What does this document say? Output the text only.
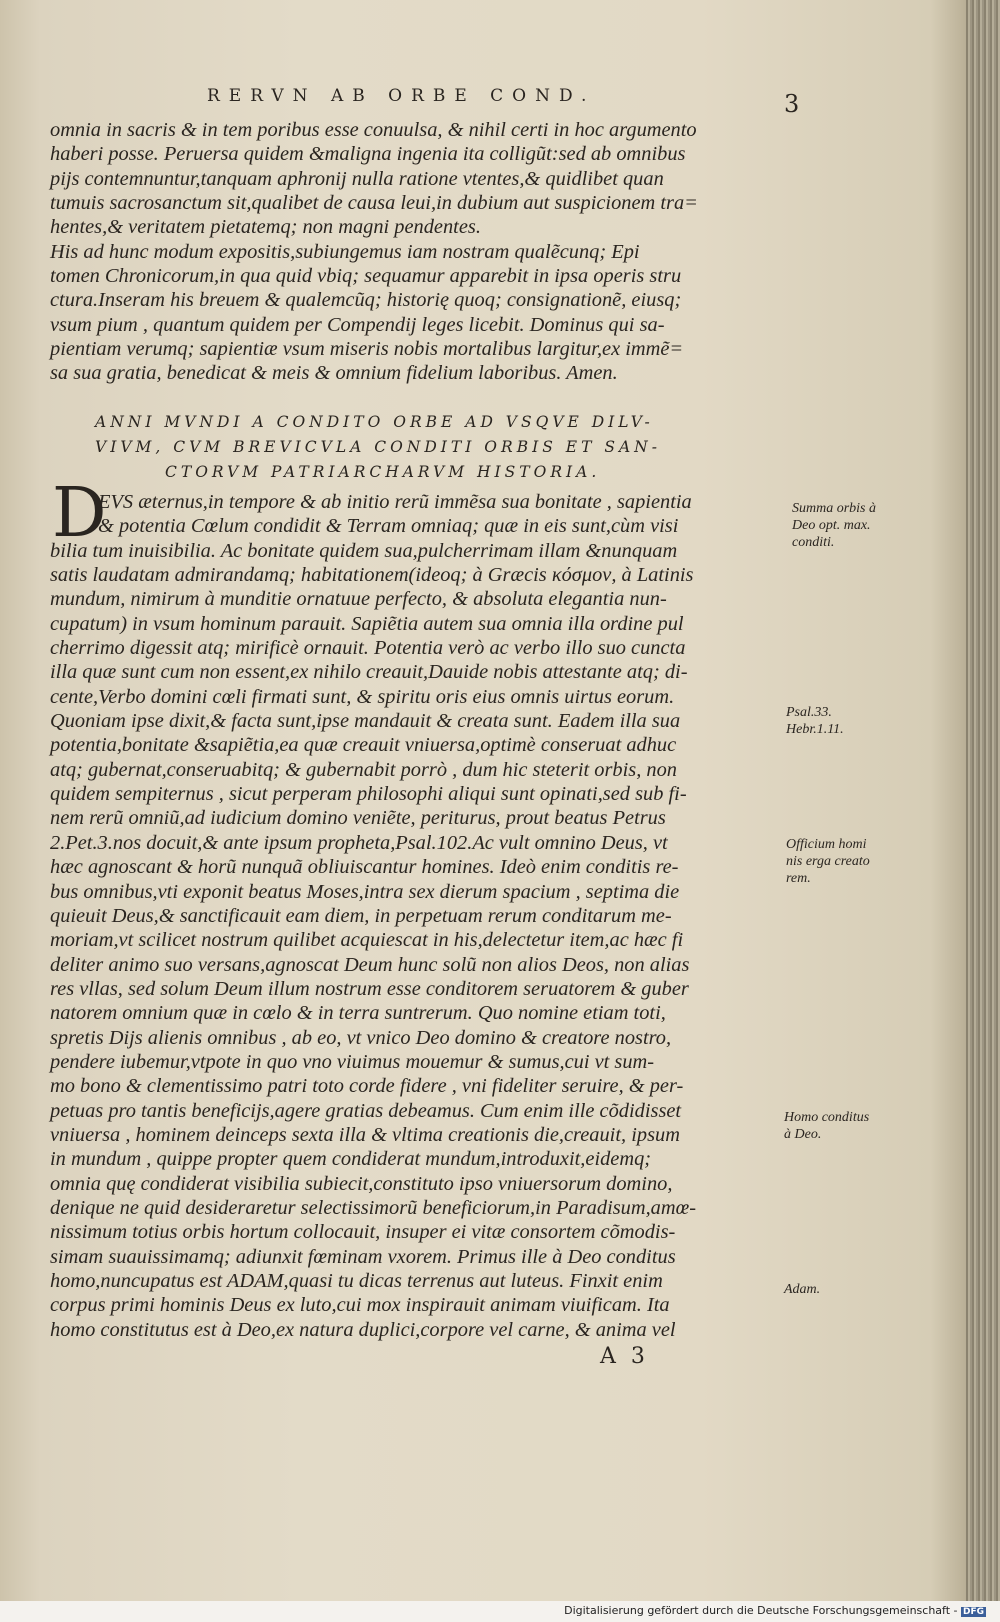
RERVN AB ORBE COND.	3
omnia in sacris & in tem poribus esse conuulsa, & nihil certi in hoc argumento
haberi posse. Peruersa quidem &maligna ingenia ita colligũt:sed ab omnibus
pijs contemnuntur,tanquam aphronij nulla ratione vtentes,& quidlibet quan
tumuis sacrosanctum sit,qualibet de causa leui,in dubium aut suspicionem tra=
hentes,& veritatem pietatemq; non magni pendentes.
His ad hunc modum expositis,subiungemus iam nostram qualẽcunq; Epi
tomen Chronicorum,in qua quid vbiq; sequamur apparebit in ipsa operis stru
ctura.Inseram his breuem & qualemcũq; historię quoq; consignationẽ, eiusq;
vsum pium , quantum quidem per Compendij leges licebit. Dominus qui sa-
pientiam verumq; sapientiæ vsum miseris nobis mortalibus largitur,ex immẽ=
sa sua gratia, benedicat & meis & omnium fidelium laboribus. Amen.
ANNI MVNDI A CONDITO ORBE AD VSQVE DILV-
VIVM, CVM BREVICVLA CONDITI ORBIS ET SAN-
CTORVM PATRIARCHARVM HISTORIA.
D
EVS æternus,in tempore & ab initio rerũ immẽsa sua bonitate , sapientia
& potentia Cœlum condidit & Terram omniaq; quæ in eis sunt,cùm visi
bilia tum inuisibilia. Ac bonitate quidem sua,pulcherrimam illam &nunquam
satis laudatam admirandamq; habitationem(ideoq; à Græcis κόσμον, à Latinis
mundum, nimirum à munditie ornatuue perfecto, & absoluta elegantia nun-
cupatum) in vsum hominum parauit. Sapiẽtia autem sua omnia illa ordine pul
cherrimo digessit atq; mirificè ornauit. Potentia verò ac verbo illo suo cuncta
illa quæ sunt cum non essent,ex nihilo creauit,Dauide nobis attestante atq; di-
cente,Verbo domini cœli firmati sunt, & spiritu oris eius omnis uirtus eorum.
Quoniam ipse dixit,& facta sunt,ipse mandauit & creata sunt. Eadem illa sua
potentia,bonitate &sapiẽtia,ea quæ creauit vniuersa,optimè conseruat adhuc
atq; gubernat,conseruabitq; & gubernabit porrò , dum hic steterit orbis, non
quidem sempiternus , sicut perperam philosophi aliqui sunt opinati,sed sub fi-
nem rerũ omniũ,ad iudicium domino veniẽte, periturus, prout beatus Petrus
2.Pet.3.nos docuit,& ante ipsum propheta,Psal.102.Ac vult omnino Deus, vt
hæc agnoscant & horũ nunquã obliuiscantur homines. Ideò enim conditis re-
bus omnibus,vti exponit beatus Moses,intra sex dierum spacium , septima die
quieuit Deus,& sanctificauit eam diem, in perpetuam rerum conditarum me-
moriam,vt scilicet nostrum quilibet acquiescat in his,delectetur item,ac hæc fi
deliter animo suo versans,agnoscat Deum hunc solũ non alios Deos, non alias
res vllas, sed solum Deum illum nostrum esse conditorem seruatorem & guber
natorem omnium quæ in cœlo & in terra suntrerum. Quo nomine etiam toti,
spretis Dijs alienis omnibus , ab eo, vt vnico Deo domino & creatore nostro,
pendere iubemur,vtpote in quo vno viuimus mouemur & sumus,cui vt sum-
mo bono & clementissimo patri toto corde fidere , vni fideliter seruire, & per-
petuas pro tantis beneficijs,agere gratias debeamus. Cum enim ille cõdidisset
vniuersa , hominem deinceps sexta illa & vltima creationis die,creauit, ipsum
in mundum , quippe propter quem condiderat mundum,introduxit,eidemq;
omnia quę condiderat visibilia subiecit,constituto ipso vniuersorum domino,
denique ne quid desideraretur selectissimorũ beneficiorum,in Paradisum,amœ-
nissimum totius orbis hortum collocauit, insuper ei vitæ consortem cõmodis-
simam suauissimamq; adiunxit fœminam vxorem. Primus ille à Deo conditus
homo,nuncupatus est ADAM,quasi tu dicas terrenus aut luteus. Finxit enim
corpus primi hominis Deus ex luto,cui mox inspirauit animam viuificam. Ita
homo constitutus est à Deo,ex natura duplici,corpore vel carne, & anima vel
Summa orbis à
Deo opt. max.
conditi.
Psal.33.
Hebr.1.11.
Officium homi
nis erga creato
rem.
Homo conditus
à Deo.
Adam.
A 3
Digitalisierung gefördert durch die Deutsche Forschungsgemeinschaft - DFG
